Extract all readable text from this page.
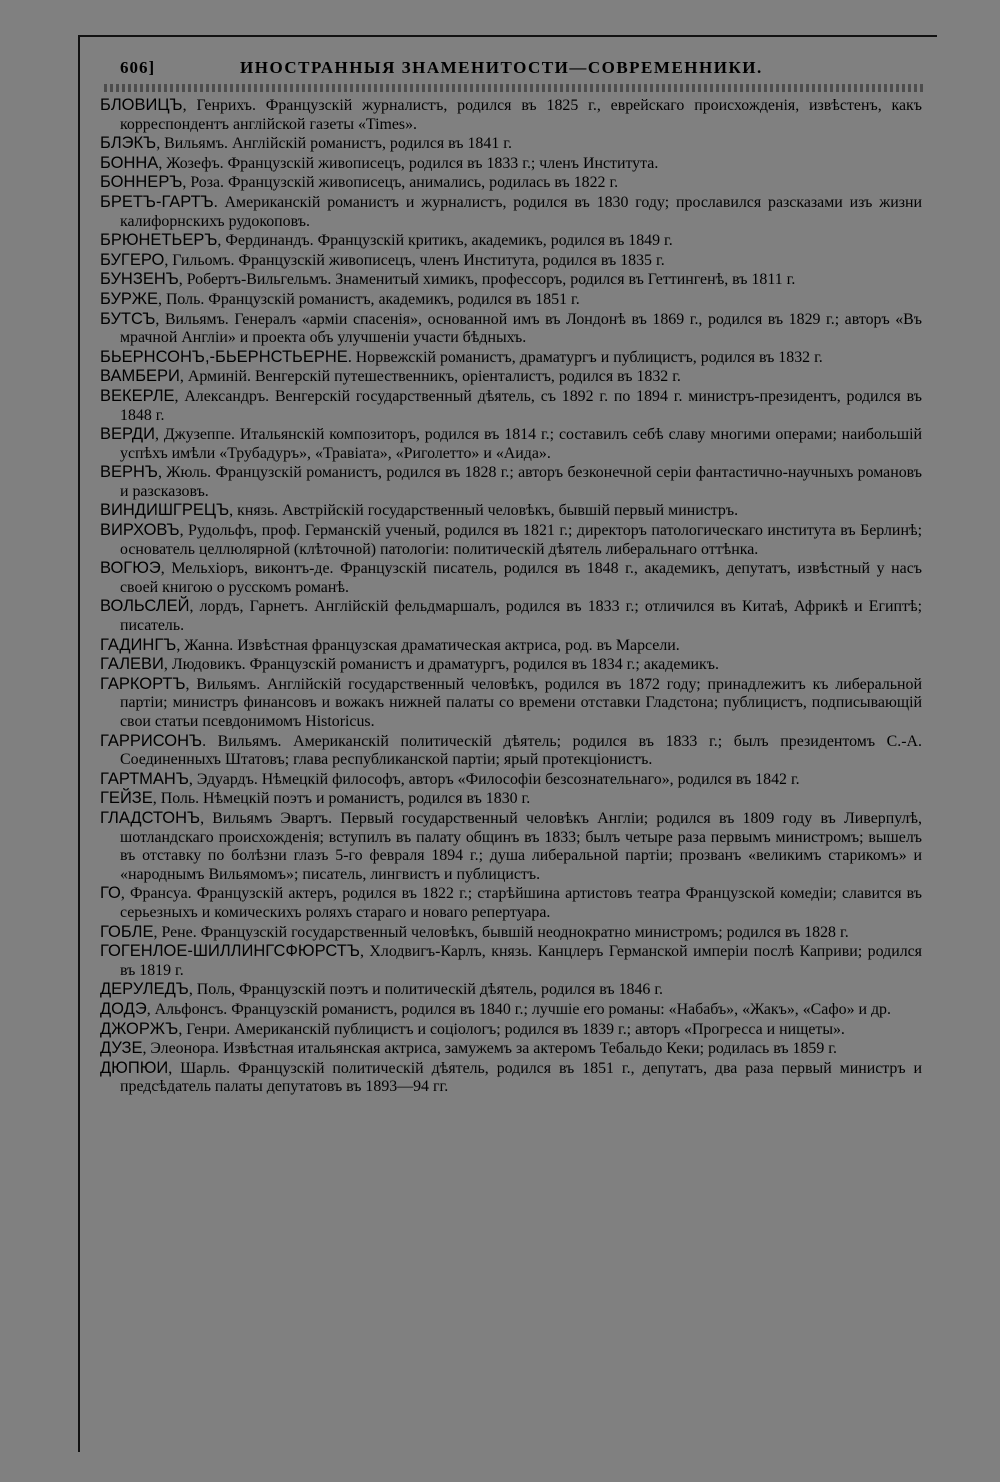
606]	ИНОСТРАННЫЯ ЗНАМЕНИТОСТИ—СОВРЕМЕННИКИ.

БЛОВИЦЪ, Генрихъ. Французскій журналистъ, родился въ 1825 г., еврейскаго происхожденія, извѣстенъ, какъ корреспондентъ англійской газеты «Times».

БЛЭКЪ, Вильямъ. Англійскій романистъ, родился въ 1841 г.

БОННА, Жозефъ. Французскій живописецъ, родился въ 1833 г.; членъ Института.

БОННЕРЪ, Роза. Французскій живописецъ, анимались, родилась въ 1822 г.

БРЕТЪ-ГАРТЪ. Американскій романистъ и журналистъ, родился въ 1830 году; прославился разсказами изъ жизни калифорнскихъ рудокоповъ.

БРЮНЕТЬЕРЪ, Фердинандъ. Французскій критикъ, академикъ, родился въ 1849 г.

БУГЕРО, Гильомъ. Французскій живописецъ, членъ Института, родился въ 1835 г.

БУНЗЕНЪ, Робертъ-Вильгельмъ. Знаменитый химикъ, профессоръ, родился въ Геттингенѣ, въ 1811 г.

БУРЖЕ, Поль. Французскій романистъ, академикъ, родился въ 1851 г.

БУТСЪ, Вильямъ. Генералъ «арміи спасенія», основанной имъ въ Лондонѣ въ 1869 г., родился въ 1829 г.; авторъ «Въ мрачной Англіи» и проекта объ улучшеніи участи бѣдныхъ.

БЬЕРНСОНЪ,-БЬЕРНСТЬЕРНЕ. Норвежскій романистъ, драматургъ и публицистъ, родился въ 1832 г.

ВАМБЕРИ, Арминій. Венгерскій путешественникъ, оріенталистъ, родился въ 1832 г.

ВЕКЕРЛЕ, Александръ. Венгерскій государственный дѣятель, съ 1892 г. по 1894 г. министръ-президентъ, родился въ 1848 г.

ВЕРДИ, Джузеппе. Итальянскій композиторъ, родился въ 1814 г.; составилъ себѣ славу многими операми; наибольшій успѣхъ имѣли «Трубадуръ», «Травіата», «Риголетто» и «Аида».

ВЕРНЪ, Жюль. Французскій романистъ, родился въ 1828 г.; авторъ безконечной серіи фантастично-научныхъ романовъ и разсказовъ.

ВИНДИШГРЕЦЪ, князь. Австрійскій государственный человѣкъ, бывшій первый министръ.

ВИРХОВЪ, Рудольфъ, проф. Германскій ученый, родился въ 1821 г.; директоръ патологическаго института въ Берлинѣ; основатель целлюлярной (клѣточной) патологіи: политическій дѣятель либеральнаго оттѣнка.

ВОГЮЭ, Мельхіоръ, виконтъ-де. Французскій писатель, родился въ 1848 г., академикъ, депутатъ, извѣстный у насъ своей книгою о русскомъ романѣ.

ВОЛЬСЛЕЙ, лордъ, Гарнетъ. Англійскій фельдмаршалъ, родился въ 1833 г.; отличился въ Китаѣ, Африкѣ и Египтѣ; писатель.

ГАДИНГЪ, Жанна. Извѣстная французская драматическая актриса, род. въ Марсели.

ГАЛЕВИ, Людовикъ. Французскій романистъ и драматургъ, родился въ 1834 г.; академикъ.

ГАРКОРТЪ, Вильямъ. Англійскій государственный человѣкъ, родился въ 1872 году; принадлежитъ къ либеральной партіи; министръ финансовъ и вожакъ нижней палаты со времени отставки Гладстона; публицистъ, подписывающій свои статьи псевдонимомъ Historicus.

ГАРРИСОНЪ. Вильямъ. Американскій политическій дѣятель; родился въ 1833 г.; былъ президентомъ С.-А. Соединенныхъ Штатовъ; глава республиканской партіи; ярый протекціонистъ.

ГАРТМАНЪ, Эдуардъ. Нѣмецкій философъ, авторъ «Философіи безсознательнаго», родился въ 1842 г.

ГЕЙЗЕ, Поль. Нѣмецкій поэтъ и романистъ, родился въ 1830 г.

ГЛАДСТОНЪ, Вильямъ Эвартъ. Первый государственный человѣкъ Англіи; родился въ 1809 году въ Ливерпулѣ, шотландскаго происхожденія; вступилъ въ палату общинъ въ 1833; былъ четыре раза первымъ министромъ; вышелъ въ отставку по болѣзни глазъ 5-го февраля 1894 г.; душа либеральной партіи; прозванъ «великимъ старикомъ» и «народнымъ Вильямомъ»; писатель, лингвистъ и публицистъ.

ГО, Франсуа. Французскій актеръ, родился въ 1822 г.; старѣйшина артистовъ театра Французской комедіи; славится въ серьезныхъ и комическихъ роляхъ стараго и новаго репертуара.

ГОБЛЕ, Рене. Французскій государственный человѣкъ, бывшій неоднократно министромъ; родился въ 1828 г.

ГОГЕНЛОЕ-ШИЛЛИНГСФЮРСТЪ, Хлодвигъ-Карлъ, князь. Канцлеръ Германской имперіи послѣ Каприви; родился въ 1819 г.

ДЕРУЛЕДЪ, Поль, Французскій поэтъ и политическій дѣятель, родился въ 1846 г.

ДОДЭ, Альфонсъ. Французскій романистъ, родился въ 1840 г.; лучшіе его романы: «Набабъ», «Жакъ», «Сафо» и др.

ДЖОРЖЪ, Генри. Американскій публицистъ и соціологъ; родился въ 1839 г.; авторъ «Прогресса и нищеты».

ДУЗЕ, Элеонора. Извѣстная итальянская актриса, замужемъ за актеромъ Тебальдо Кеки; родилась въ 1859 г.

ДЮПЮИ, Шарль. Французскій политическій дѣятель, родился въ 1851 г., депутатъ, два раза первый министръ и предсѣдатель палаты депутатовъ въ 1893—94 гг.
